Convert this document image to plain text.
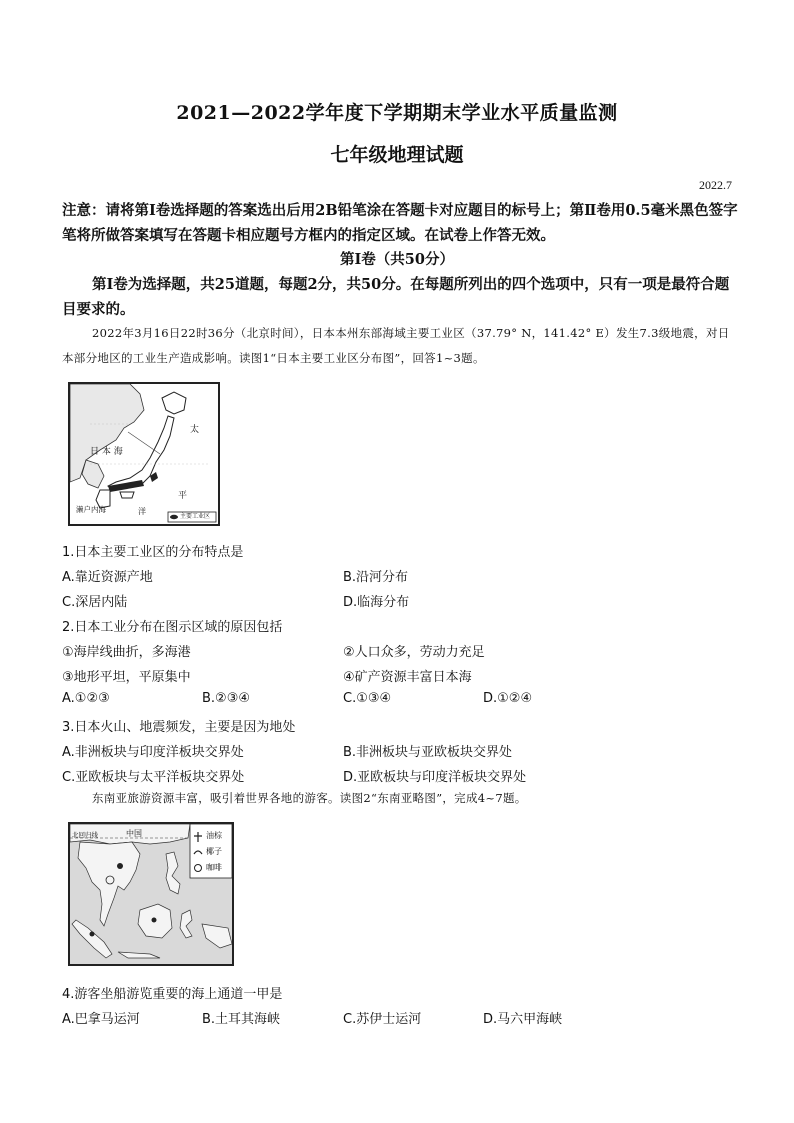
2021—2022学年度下学期期末学业水平质量监测
七年级地理试题
2022.7
注意：请将第Ⅰ卷选择题的答案选出后用2B铅笔涂在答题卡对应题目的标号上；第Ⅱ卷用0.5毫米黑色签字笔将所做答案填写在答题卡相应题号方框内的指定区域。在试卷上作答无效。
第Ⅰ卷（共50分）
第Ⅰ卷为选择题，共25道题，每题2分，共50分。在每题所列出的四个选项中，只有一项是最符合题目要求的。
2022年3月16日22时36分（北京时间），日本本州东部海域主要工业区（37.79° N，141.42° E）发生7.3级地震，对日本部分地区的工业生产造成影响。读图1“日本主要工业区分布图”，回答1~3题。
日 本 海
太
平
洋
濑户内海
主要工业区
1.日本主要工业区的分布特点是
A.靠近资源产地	B.沿河分布
C.深居内陆	D.临海分布
2.日本工业分布在图示区域的原因包括
①海岸线曲折，多海港	②人口众多，劳动力充足
③地形平坦，平原集中	④矿产资源丰富日本海
A.①②③	B.②③④	C.①③④	D.①②④
3.日本火山、地震频发，主要是因为地处
A.非洲板块与印度洋板块交界处	B.非洲板块与亚欧板块交界处
C.亚欧板块与太平洋板块交界处	D.亚欧板块与印度洋板块交界处
东南亚旅游资源丰富，吸引着世界各地的游客。读图2“东南亚略图”，完成4~7题。
北回归线	中国	油棕
椰子
咖啡
4.游客坐船游览重要的海上通道一甲是
A.巴拿马运河	B.土耳其海峡	C.苏伊士运河	D.马六甲海峡
